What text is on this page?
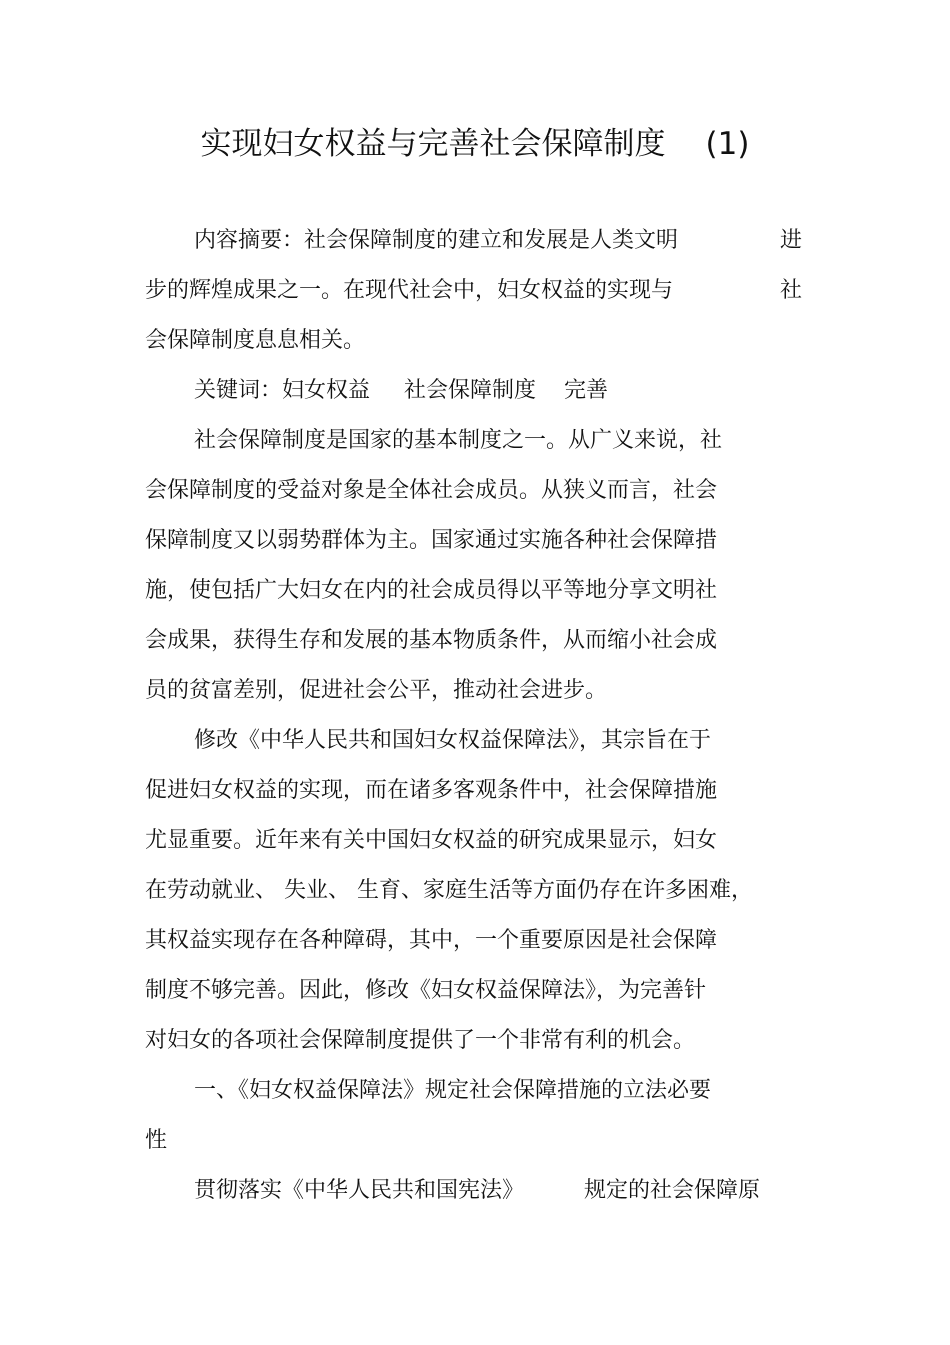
实现妇女权益与完善社会保障制度 (1)
内容摘要：社会保障制度的建立和发展是人类文明	进
步的辉煌成果之一。在现代社会中，妇女权益的实现与	社
会保障制度息息相关。
关键词：妇女权益 社会保障制度 完善
社会保障制度是国家的基本制度之一。从广义来说，社
会保障制度的受益对象是全体社会成员。从狭义而言，社会
保障制度又以弱势群体为主。国家通过实施各种社会保障措
施，使包括广大妇女在内的社会成员得以平等地分享文明社
会成果，获得生存和发展的基本物质条件，从而缩小社会成
员的贫富差别，促进社会公平，推动社会进步。
修改《中华人民共和国妇女权益保障法》，其宗旨在于
促进妇女权益的实现，而在诸多客观条件中，社会保障措施
尤显重要。近年来有关中国妇女权益的研究成果显示，妇女
在劳动就业、 失业、 生育、家庭生活等方面仍存在许多困难，
其权益实现存在各种障碍，其中，一个重要原因是社会保障
制度不够完善。因此，修改《妇女权益保障法》，为完善针
对妇女的各项社会保障制度提供了一个非常有利的机会。
一、《妇女权益保障法》规定社会保障措施的立法必要
性
贯彻落实《中华人民共和国宪法》	规定的社会保障原
